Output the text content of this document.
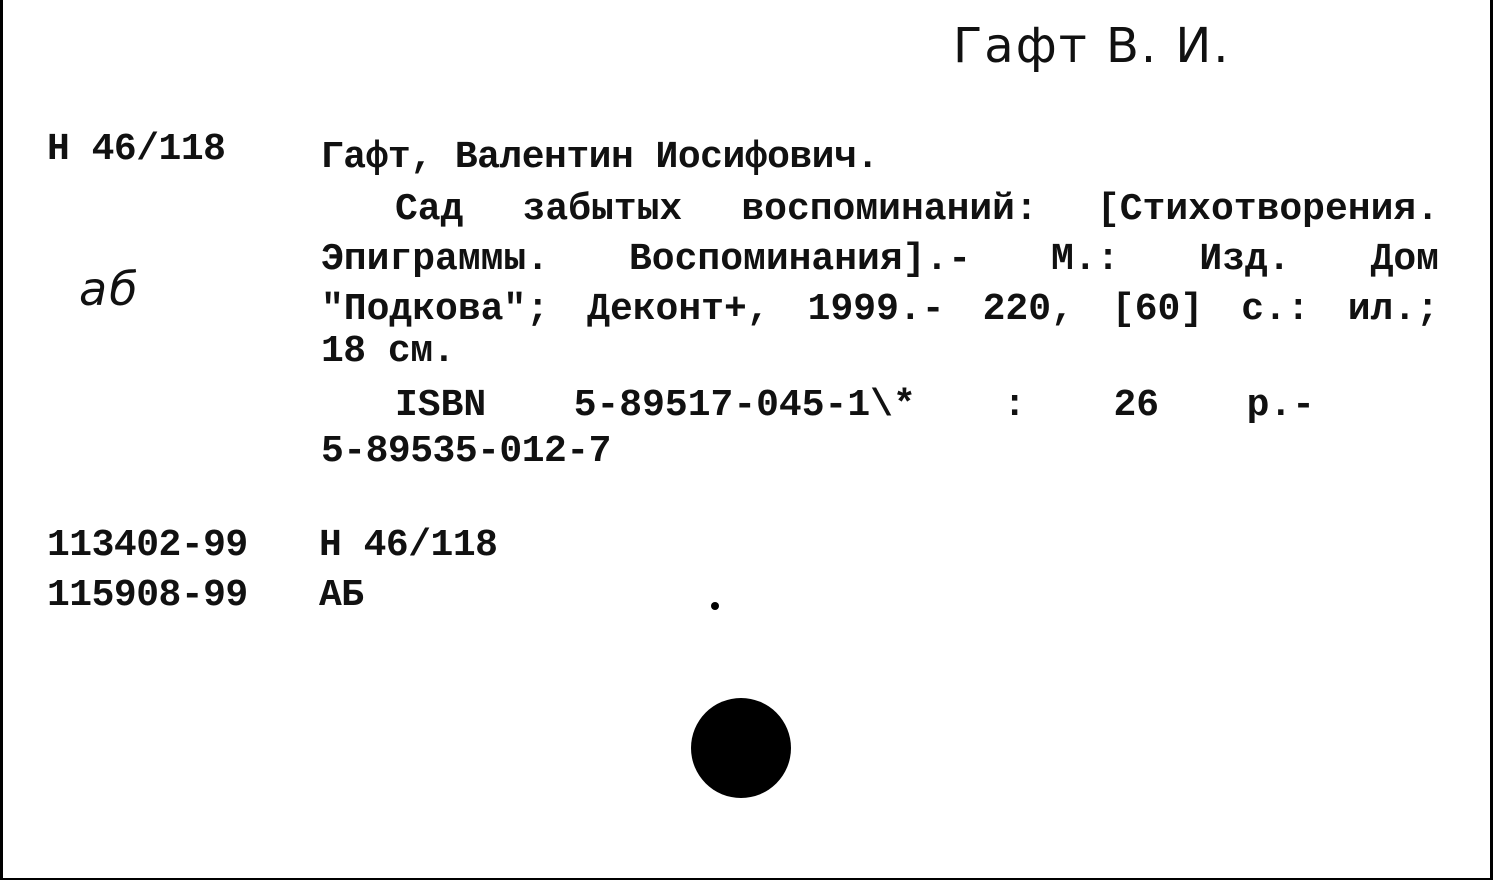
Гафт В. И.
Н 46/118
аб
Гафт, Валентин Иосифович.
Сад забытых воспоминаний: [Стихотворения.
Эпиграммы. Воспоминания].- М.: Изд. Дом
"Подкова"; Деконт+, 1999.- 220, [60] с.: ил.;
18 см.
ISBN 5-89517-045-1\* : 26 р.-
5-89535-012-7
113402-99 Н 46/118
115908-99 АБ
